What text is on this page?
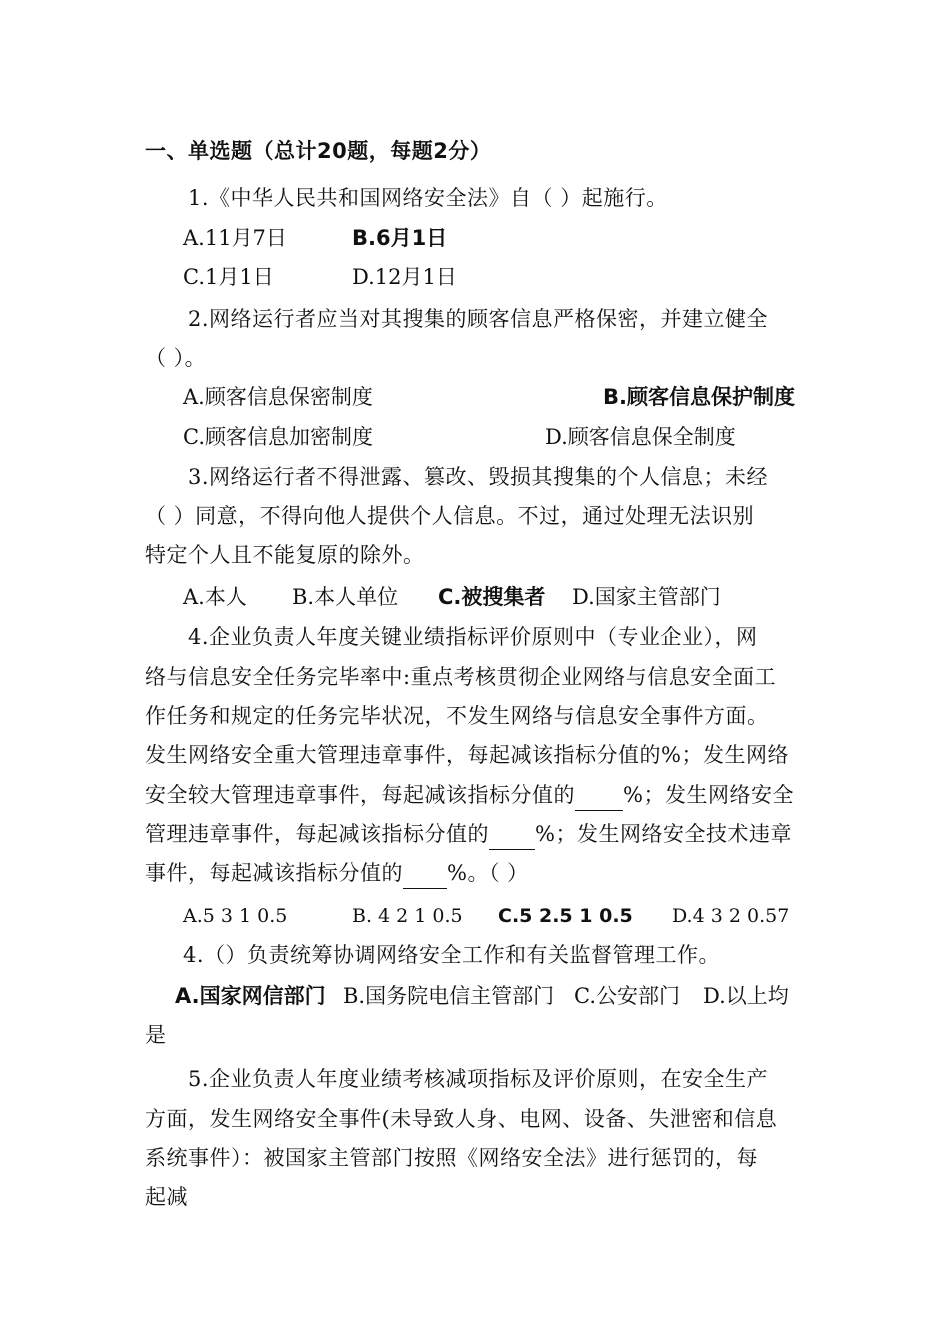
一、单选题（总计20题，每题2分）
1.《中华人民共和国网络安全法》自（ ）起施行。
A.11月7日	B.6月1日
C.1月1日	D.12月1日
2.网络运行者应当对其搜集的顾客信息严格保密，并建立健全
（ ）。
A.顾客信息保密制度	B.顾客信息保护制度
C.顾客信息加密制度	D.顾客信息保全制度
3.网络运行者不得泄露、篡改、毁损其搜集的个人信息；未经
（ ）同意，不得向他人提供个人信息。不过，通过处理无法识别
特定个人且不能复原的除外。
A.本人 B.本人单位 C.被搜集者 D.国家主管部门
4.企业负责人年度关键业绩指标评价原则中（专业企业），网
络与信息安全任务完毕率中:重点考核贯彻企业网络与信息安全面工
作任务和规定的任务完毕状况，不发生网络与信息安全事件方面。
发生网络安全重大管理违章事件，每起减该指标分值的%；发生网络
安全较大管理违章事件，每起减该指标分值的 %；发生网络安全
管理违章事件，每起减该指标分值的 %；发生网络安全技术违章
事件，每起减该指标分值的 %。（ ）
A.5 3 1 0.5	B. 4 2 1 0.5 C.5 2.5 1 0.5 D.4 3 2 0.57
4.（）负责统筹协调网络安全工作和有关监督管理工作。
A.国家网信部门 B.国务院电信主管部门 C.公安部门 D.以上均
是
5.企业负责人年度业绩考核减项指标及评价原则，在安全生产
方面，发生网络安全事件(未导致人身、电网、设备、失泄密和信息
系统事件）：被国家主管部门按照《网络安全法》进行惩罚的，每
起减
